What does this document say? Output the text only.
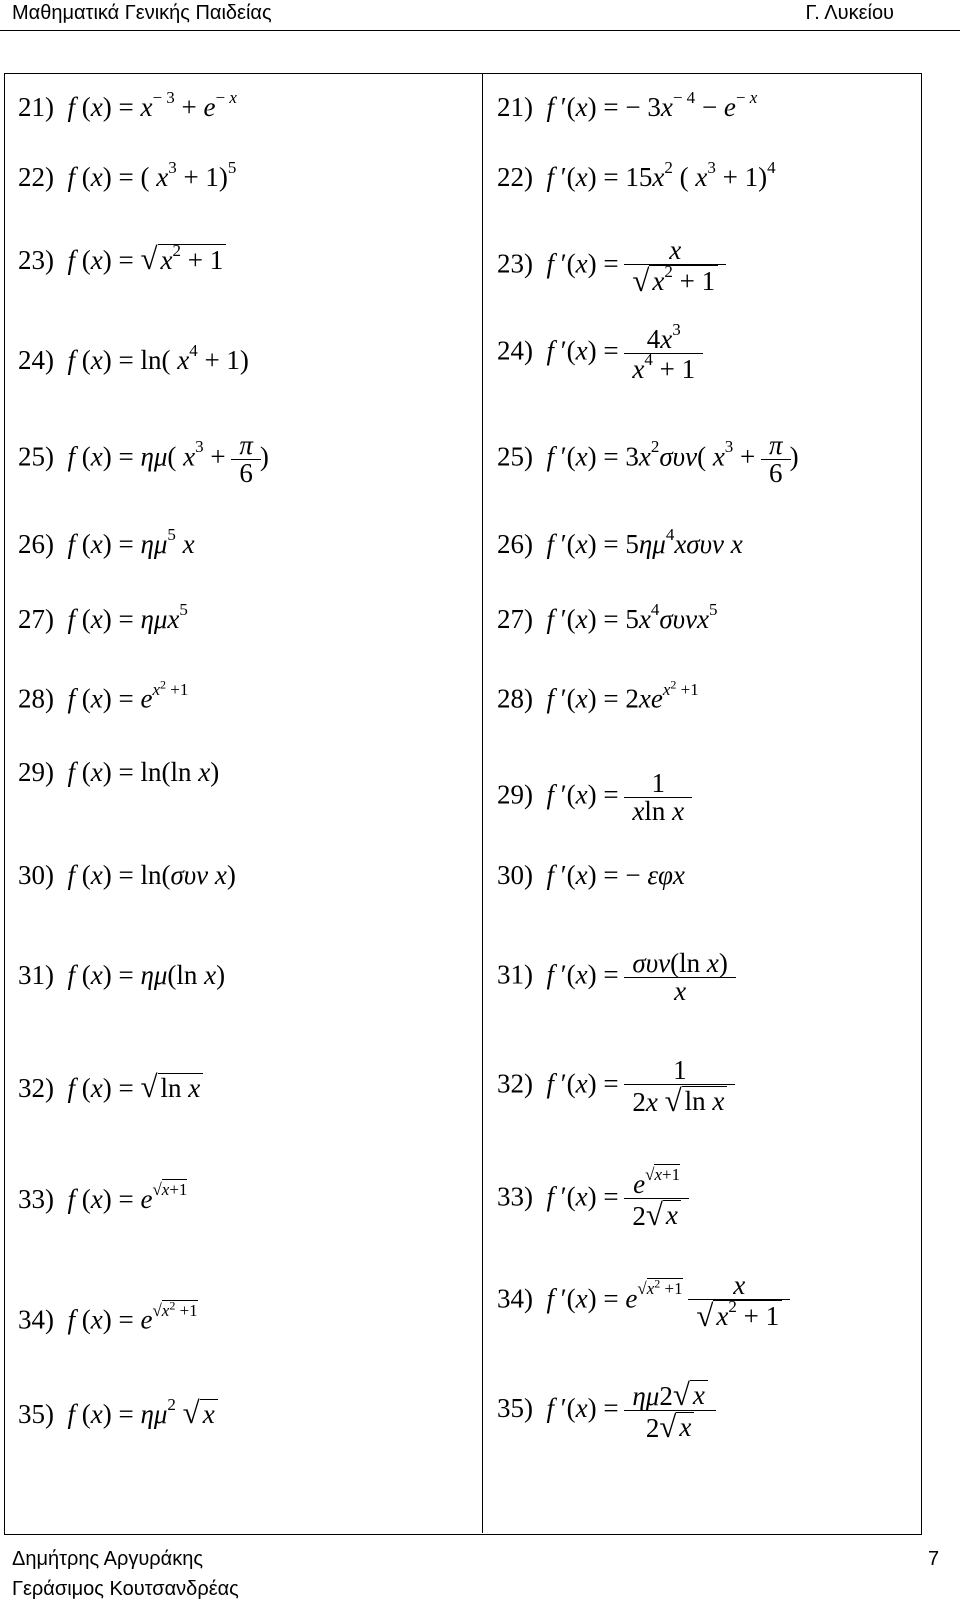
Μαθηματικά Γενικής Παιδείας	Γ. Λυκείου
21)  f $(x) = x^{- 3} + e^{- x}$
22)  f (x) = ( $x^3 + 1)^5$
23)  f (x) = √ $x^2 + 1$
24)  f (x) = ln( $x^4 + 1$)
25)  f (x) = ημ( $x^3 + \frac{\pi}{6}$ )
26)  f $(x) = \eta\mu^5$ x
27)  f (x) = ημx$^5$
28)  f $(x) = e^{x^2 +1}$
29)  f (x) = ln(ln x)
30)  f (x) = ln(συν x)
31)  f (x) = ημ(ln x)
32)  f (x) = √ ln x
33)  f $(x) = e^{√x+1}$
34)  f $(x) = e^{√x^2 +1}$
35)  f $(x) = \eta\mu^2$ √ x
21)  f ′(x) = − $3x^{- 4} - e^{- x}$
22)  f $'(x) = 15x^2$ ( $x^3 + 1)^4$
23)  f $'(x) = \frac{x}{√ x^2 + 1}$
24)  f $'(x) = \frac{4x^3}{x^4 + 1}$
25)  f $'(x) = 3x^2\sigma\upsilon\nu$( $x^3 + \frac{\pi}{6}$ )
26)  f $'(x) = 5\eta\mu^4x\sigma\upsilon\nu$ x
27)  f $'(x) = 5x^4\sigma\upsilon\nu x^5$
28)  f $'(x) = 2xe^{x^2 +1}$
29)  f $'(x) = \frac{1}{\text{xln x}}$
30)  f ′(x) = − εφx
31)  f ′(x) = συν(ln x)
x
32)  f $'(x) = \frac{1}{\text{2x √ ln x}}$
33)  f $'(x) = \frac{e^{√x+1}}{2 √ x}$
34)  f $'(x) = e^{√x^2 +1} \frac{x}{√ x^2 + 1}$
35)  f $'(x) = \frac{\eta\mu 2 √ x}{2 √ x}$
Δημήτρης Αργυράκης
Γεράσιμος Κουτσανδρέας
7
